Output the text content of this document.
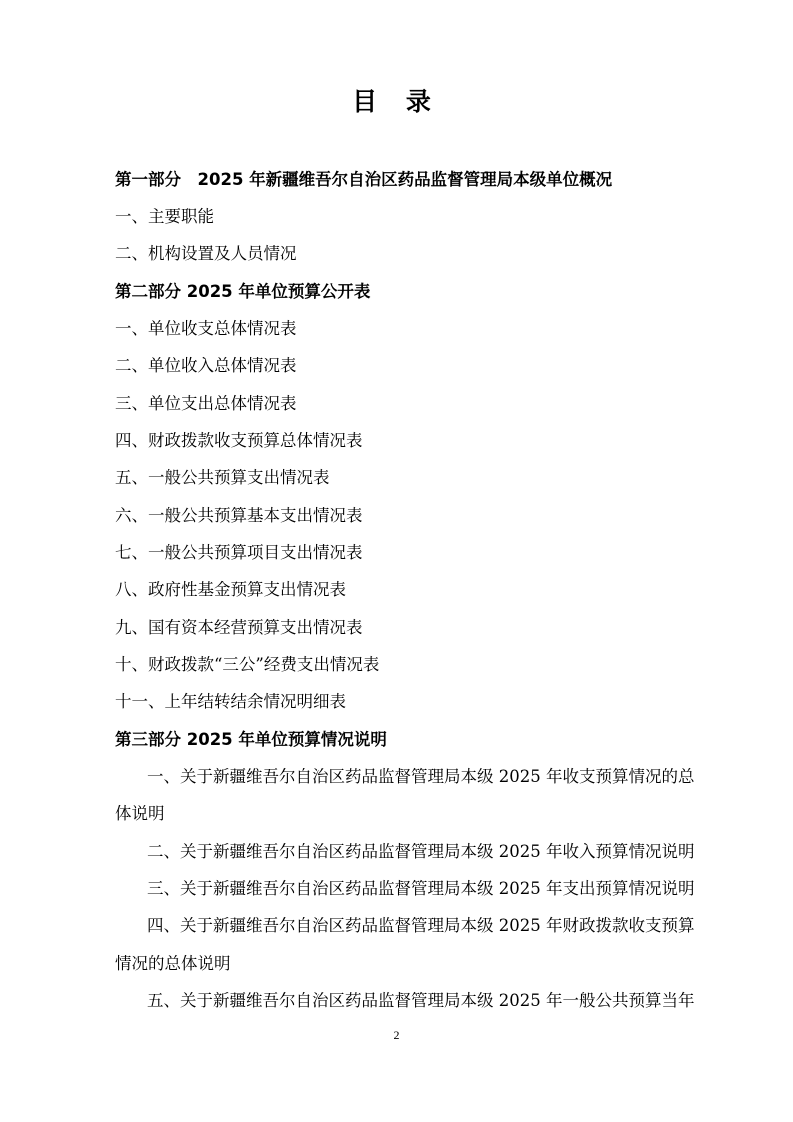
目 录
第一部分　2025 年新疆维吾尔自治区药品监督管理局本级单位概况
一、主要职能
二、机构设置及人员情况
第二部分 2025 年单位预算公开表
一、单位收支总体情况表
二、单位收入总体情况表
三、单位支出总体情况表
四、财政拨款收支预算总体情况表
五、一般公共预算支出情况表
六、一般公共预算基本支出情况表
七、一般公共预算项目支出情况表
八、政府性基金预算支出情况表
九、国有资本经营预算支出情况表
十、财政拨款“三公”经费支出情况表
十一、上年结转结余情况明细表
第三部分 2025 年单位预算情况说明
一、关于新疆维吾尔自治区药品监督管理局本级 2025 年收支预算情况的总
体说明
二、关于新疆维吾尔自治区药品监督管理局本级 2025 年收入预算情况说明
三、关于新疆维吾尔自治区药品监督管理局本级 2025 年支出预算情况说明
四、关于新疆维吾尔自治区药品监督管理局本级 2025 年财政拨款收支预算
情况的总体说明
五、关于新疆维吾尔自治区药品监督管理局本级 2025 年一般公共预算当年
2
